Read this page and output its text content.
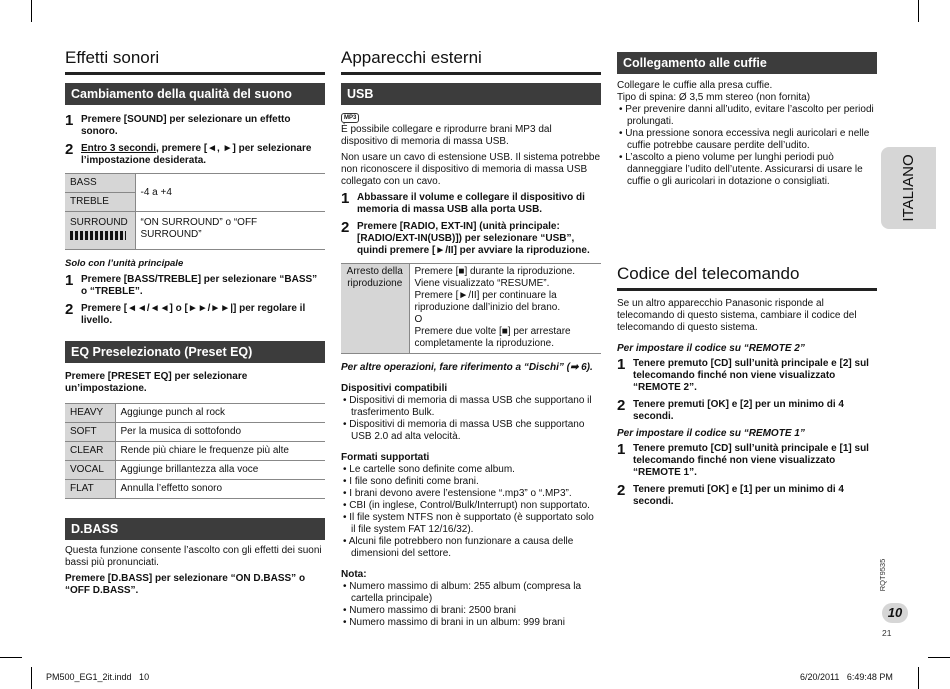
Effetti sonori
Cambiamento della qualità del suono
1 Premere [SOUND] per selezionare un effetto sonoro.
2 Entro 3 secondi, premere [◄, ►] per selezionare l’impostazione desiderata.
BASS	-4 a +4
TREBLE	

SURROUND	“ON SURROUND” o “OFF SURROUND”
Solo con l’unità principale
1 Premere [BASS/TREBLE] per selezionare “BASS” o “TREBLE”.
2 Premere [◄◄/◄◄] o [►►/►►|] per regolare il livello.
EQ Preselezionato (Preset EQ)
Premere [PRESET EQ] per selezionare un’impostazione.
HEAVY	Aggiunge punch al rock
SOFT	Per la musica di sottofondo
CLEAR	Rende più chiare le frequenze più alte
VOCAL	Aggiunge brillantezza alla voce
FLAT	Annulla l’effetto sonoro
D.BASS
Questa funzione consente l’ascolto con gli effetti dei suoni bassi più pronunciati.
Premere [D.BASS] per selezionare “ON D.BASS” o “OFF D.BASS”.
Apparecchi esterni
USB
MP3
È possibile collegare e riprodurre brani MP3 dal dispositivo di memoria di massa USB.
Non usare un cavo di estensione USB. Il sistema potrebbe non riconoscere il dispositivo di memoria di massa USB collegato con un cavo.
1 Abbassare il volume e collegare il dispositivo di memoria di massa USB alla porta USB.
2 Premere [RADIO, EXT-IN] (unità principale: [RADIO/EXT-IN(USB)]) per selezionare “USB”, quindi premere [►/II] per avviare la riproduzione.
Arresto della riproduzione	
Premere [■] durante la riproduzione.
Viene visualizzato “RESUME”.
Premere [►/II] per continuare la riproduzione dall’inizio del brano.
O
Premere due volte [■] per arrestare completamente la riproduzione.
Per altre operazioni, fare riferimento a “Dischi” (➡ 6).
Dispositivi compatibili
• Dispositivi di memoria di massa USB che supportano il trasferimento Bulk.
• Dispositivi di memoria di massa USB che supportano USB 2.0 ad alta velocità.
Formati supportati
• Le cartelle sono definite come album.
• I file sono definiti come brani.
• I brani devono avere l’estensione “.mp3” o “.MP3”.
• CBI (in inglese, Control/Bulk/Interrupt) non supportato.
• Il file system NTFS non è supportato (è supportato solo il file system FAT 12/16/32).
• Alcuni file potrebbero non funzionare a causa delle dimensioni del settore.
Nota:
• Numero massimo di album: 255 album (compresa la cartella principale)
• Numero massimo di brani: 2500 brani
• Numero massimo di brani in un album: 999 brani
Collegamento alle cuffie
Collegare le cuffie alla presa cuffie.
Tipo di spina: Ø 3,5 mm stereo (non fornita)
• Per prevenire danni all’udito, evitare l’ascolto per periodi prolungati.
• Una pressione sonora eccessiva negli auricolari e nelle cuffie potrebbe causare perdite dell’udito.
• L’ascolto a pieno volume per lunghi periodi può danneggiare l’udito dell’utente. Assicurarsi di usare le cuffie o gli auricolari in dotazione o consigliati.
Codice del telecomando
Se un altro apparecchio Panasonic risponde al telecomando di questo sistema, cambiare il codice del telecomando di questo sistema.
Per impostare il codice su “REMOTE 2”
1 Tenere premuto [CD] sull’unità principale e [2] sul telecomando finché non viene visualizzato “REMOTE 2”.
2 Tenere premuti [OK] e [2] per un minimo di 4 secondi.
Per impostare il codice su “REMOTE 1”
1 Tenere premuto [CD] sull’unità principale e [1] sul telecomando finché non viene visualizzato “REMOTE 1”.
2 Tenere premuti [OK] e [1] per un minimo di 4 secondi.
ITALIANO
RQT9535
10
21
PM500_EG1_2it.indd   10	6/20/2011   6:49:48 PM
